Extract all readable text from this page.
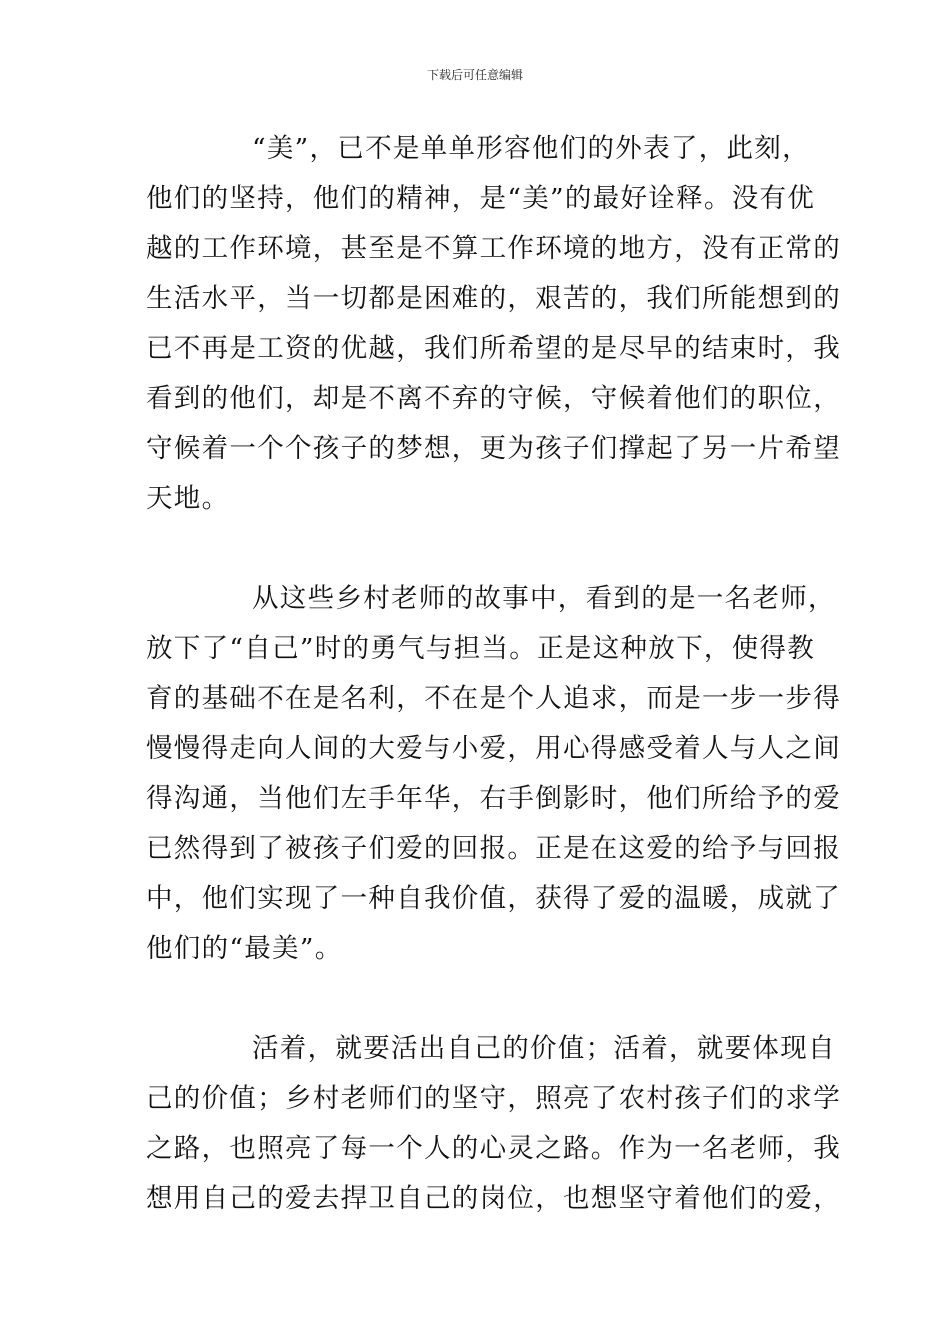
下载后可任意编辑
“美”，已不是单单形容他们的外表了，此刻，
他们的坚持，他们的精神，是“美”的最好诠释。没有优
越的工作环境，甚至是不算工作环境的地方，没有正常的
生活水平，当一切都是困难的，艰苦的，我们所能想到的
已不再是工资的优越，我们所希望的是尽早的结束时，我
看到的他们，却是不离不弃的守候，守候着他们的职位，
守候着一个个孩子的梦想，更为孩子们撑起了另一片希望
天地。
从这些乡村老师的故事中，看到的是一名老师，
放下了“自己”时的勇气与担当。正是这种放下，使得教
育的基础不在是名利，不在是个人追求，而是一步一步得
慢慢得走向人间的大爱与小爱，用心得感受着人与人之间
得沟通，当他们左手年华，右手倒影时，他们所给予的爱
已然得到了被孩子们爱的回报。正是在这爱的给予与回报
中，他们实现了一种自我价值，获得了爱的温暖，成就了
他们的“最美”。
活着，就要活出自己的价值；活着，就要体现自
己的价值；乡村老师们的坚守，照亮了农村孩子们的求学
之路，也照亮了每一个人的心灵之路。作为一名老师，我
想用自己的爱去捍卫自己的岗位，也想坚守着他们的爱，
